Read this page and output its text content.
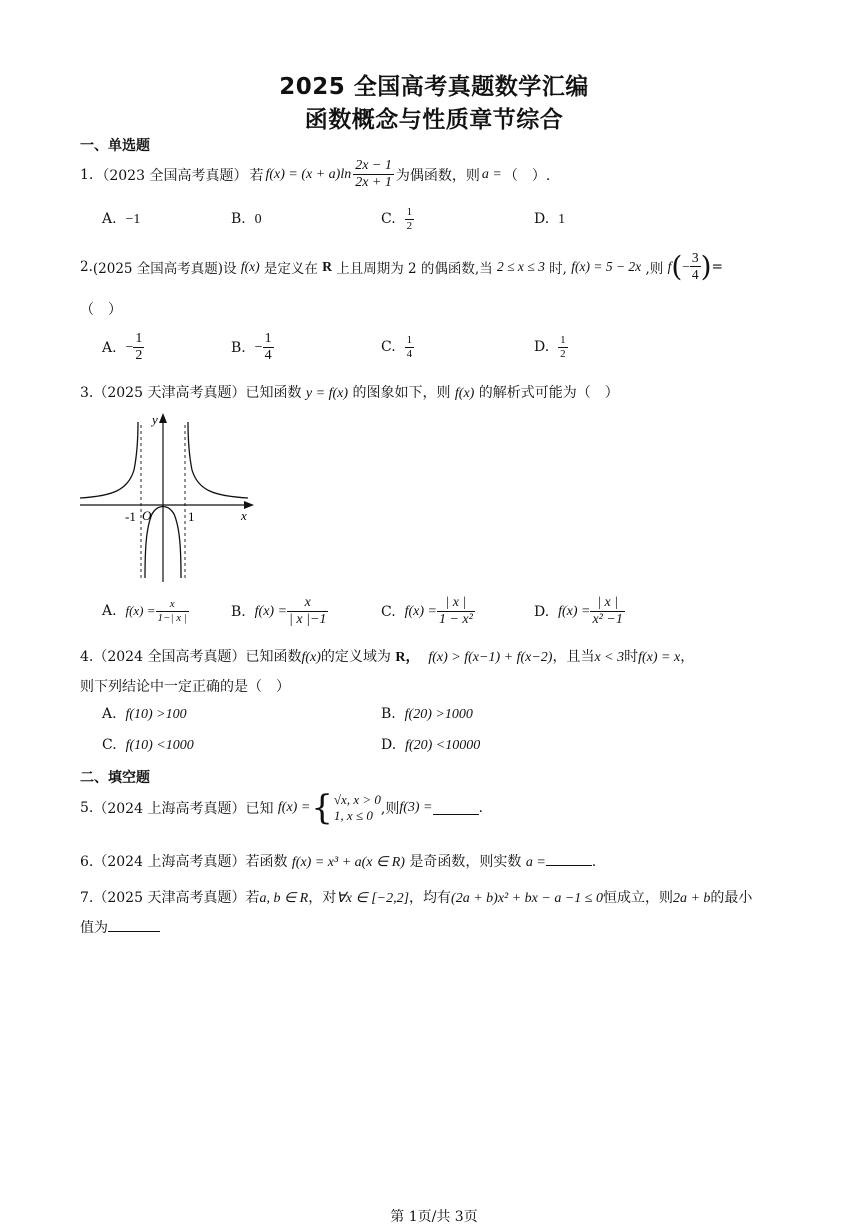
2025 全国高考真题数学汇编
函数概念与性质章节综合
一、单选题
1. （2023 全国高考真题） 若 $f(x) = (x + a)\ln \frac{2x - 1}{2x + 1}$ 为偶函数，则 a = （　）.
A. −1	B. 0	C.
$\frac{1}{2}$	D. 1
2. (2025 全国高考真题) 设
f(x)
是定义在
R
上且周期为 2 的偶函数,当
2 ≤ x ≤ 3
时,
f(x) = 5 − 2x
,则
f ( − $\frac{3}{4}$ ) =
（　）
A.
− $\frac{1}{2}$	B.
− $\frac{1}{4}$	C.
$\frac{1}{4}$	D.
$\frac{1}{2}$
3.（2025 天津高考真题）已知函数 y = f(x) 的图象如下，则 f(x) 的解析式可能为（　）
y
x
O
-1	1
A.
$f(x) = \frac{x}{1-| x |}$	B.
$f(x) = \frac{x}{| x |-1}$	C.
$f(x) = \frac{| x |}{\text{1 − x²}}$	D.
$f(x) = \frac{| x |}{\text{x² −1}}$
4.（2024 全国高考真题）已知函数f(x)的定义域为 R， f(x) > f(x−1) + f(x−2)，且当x < 3时f(x) = x，
则下列结论中一定正确的是（　）
A. f(10) >100	B. f(20) >1000
C. f(10) <1000	D. f(20) <10000
二、填空题
5. （2024 上海高考真题） 已知
f(x) = { √x, x > 0
1, x ≤ 0 ,则 f(3) =	.
6.（2024 上海高考真题）若函数 f(x) = x³ + a(x ∈ R) 是奇函数，则实数 a =	.
7.（2025 天津高考真题）若a, b ∈ R，对∀x ∈ [−2,2]，均有(2a + b)x² + bx − a −1 ≤ 0恒成立，则2a + b的最小
值为
第 1页/共 3页
